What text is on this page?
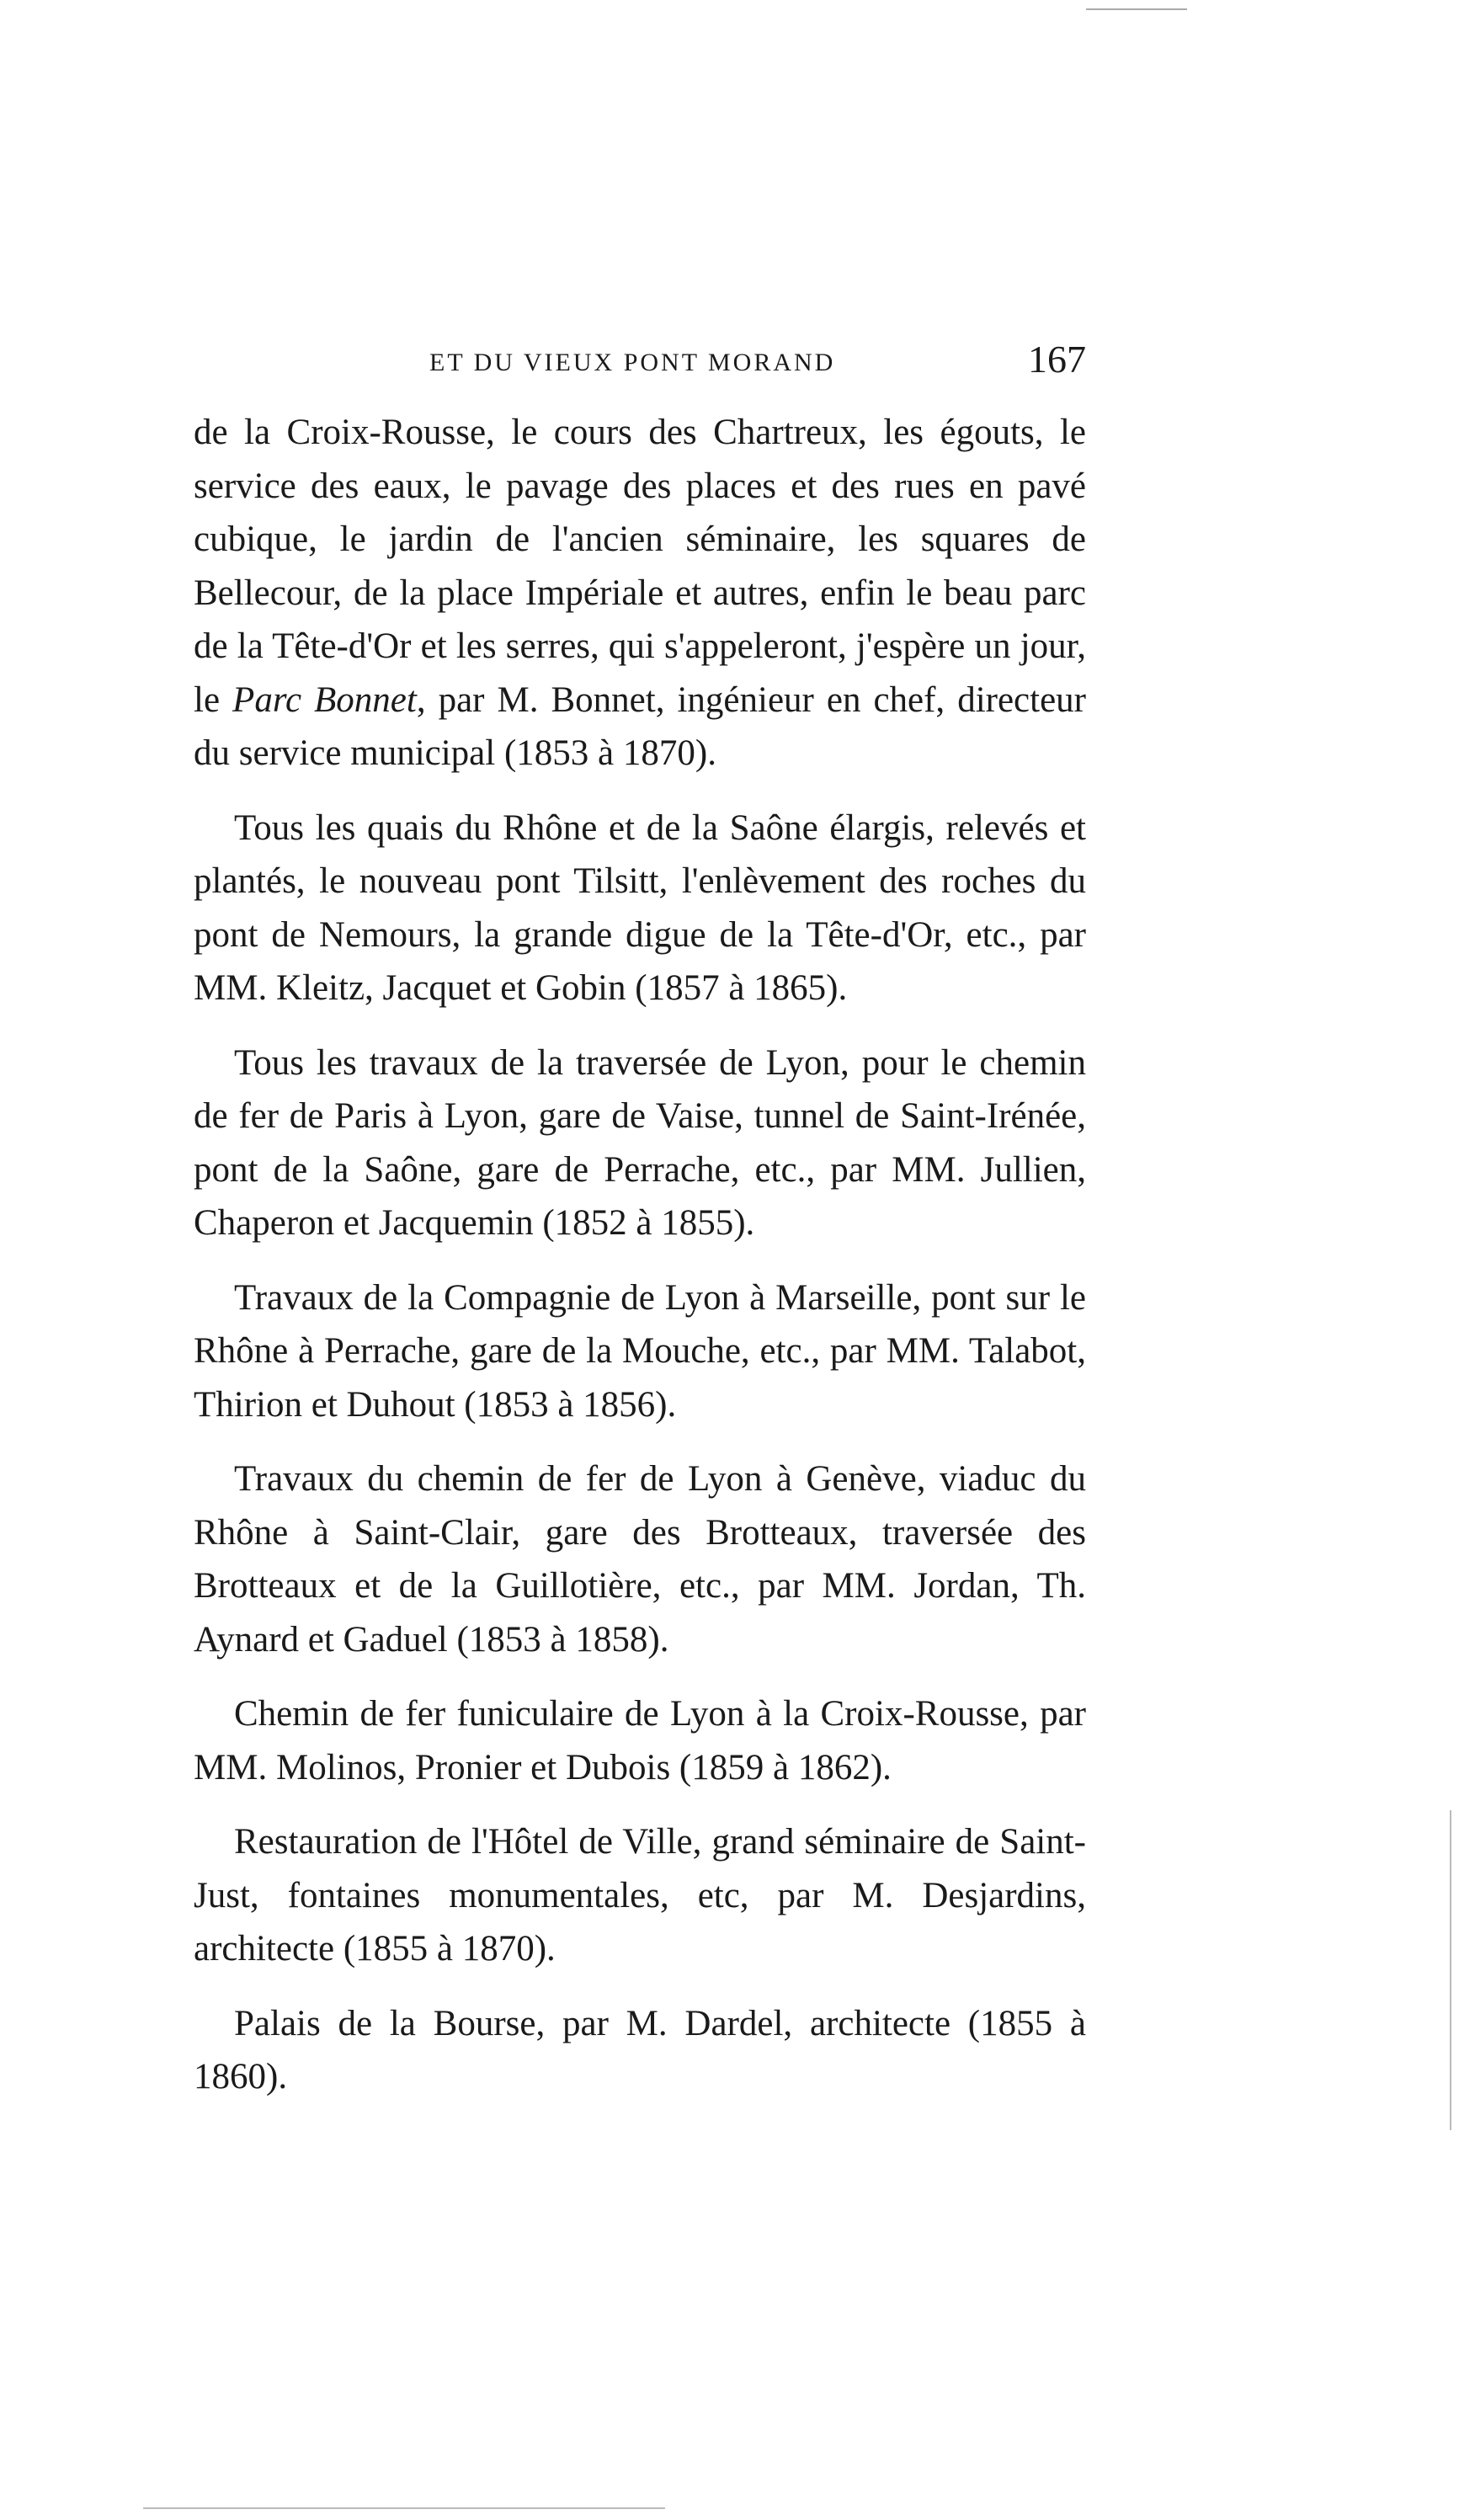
ET DU VIEUX PONT MORAND	167

de la Croix-Rousse, le cours des Chartreux, les égouts, le service des eaux, le pavage des places et des rues en pavé cubique, le jardin de l'ancien séminaire, les squares de Bellecour, de la place Impériale et autres, enfin le beau parc de la Tête-d'Or et les serres, qui s'appeleront, j'espère un jour, le Parc Bonnet, par M. Bonnet, ingénieur en chef, directeur du service municipal (1853 à 1870).

Tous les quais du Rhône et de la Saône élargis, relevés et plantés, le nouveau pont Tilsitt, l'enlèvement des roches du pont de Nemours, la grande digue de la Tête-d'Or, etc., par MM. Kleitz, Jacquet et Gobin (1857 à 1865).

Tous les travaux de la traversée de Lyon, pour le chemin de fer de Paris à Lyon, gare de Vaise, tunnel de Saint-Irénée, pont de la Saône, gare de Perrache, etc., par MM. Jullien, Chaperon et Jacquemin (1852 à 1855).

Travaux de la Compagnie de Lyon à Marseille, pont sur le Rhône à Perrache, gare de la Mouche, etc., par MM. Talabot, Thirion et Duhout (1853 à 1856).

Travaux du chemin de fer de Lyon à Genève, viaduc du Rhône à Saint-Clair, gare des Brotteaux, traversée des Brotteaux et de la Guillotière, etc., par MM. Jordan, Th. Aynard et Gaduel (1853 à 1858).

Chemin de fer funiculaire de Lyon à la Croix-Rousse, par MM. Molinos, Pronier et Dubois (1859 à 1862).

Restauration de l'Hôtel de Ville, grand séminaire de Saint-Just, fontaines monumentales, etc, par M. Desjardins, architecte (1855 à 1870).

Palais de la Bourse, par M. Dardel, architecte (1855 à 1860).
